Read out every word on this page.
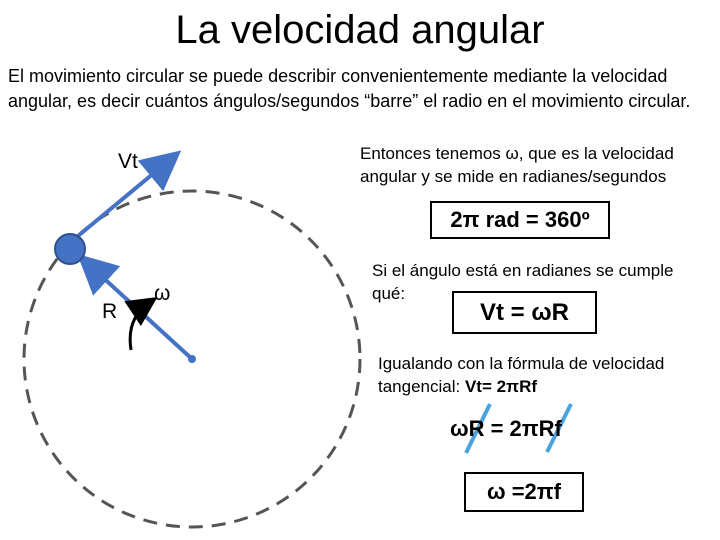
La velocidad angular
El movimiento circular se puede describir convenientemente mediante la velocidad angular, es decir cuántos ángulos/segundos “barre” el radio en el movimiento circular.
Vt
R
ω
Entonces tenemos ω, que es la velocidad angular y se mide en radianes/segundos
2π rad = 360º
Si el ángulo está en radianes se cumple qué:
Vt = ωR
Igualando con la fórmula de velocidad tangencial: Vt= 2πRf
ωR = 2πRf
ω =2πf
